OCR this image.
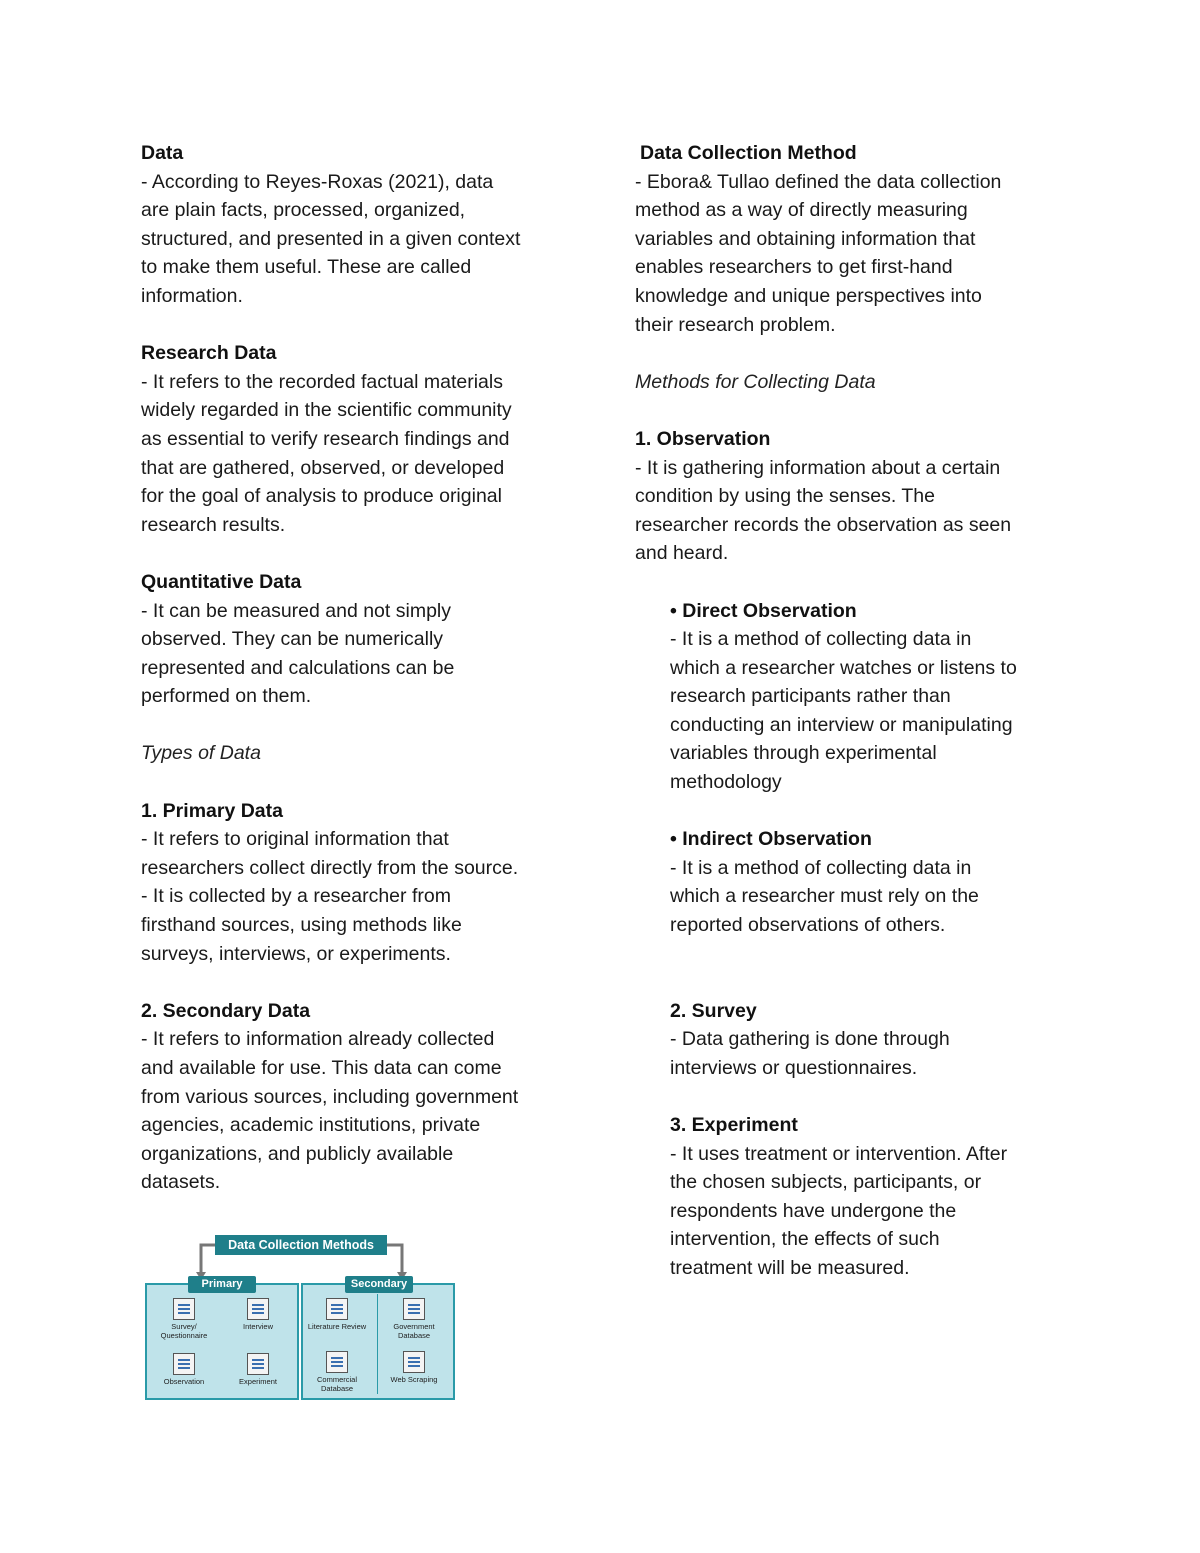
Data
- According to Reyes-Roxas (2021), data
are plain facts, processed, organized,
structured, and presented in a given context
to make them useful. These are called
information.
Research Data
- It refers to the recorded factual materials
widely regarded in the scientific community
as essential to verify research findings and
that are gathered, observed, or developed
for the goal of analysis to produce original
research results.
Quantitative Data
- It can be measured and not simply
observed. They can be numerically
represented and calculations can be
performed on them.
Types of Data
1. Primary Data
- It refers to original information that
researchers collect directly from the source.
- It is collected by a researcher from
firsthand sources, using methods like
surveys, interviews, or experiments.
2. Secondary Data
- It refers to information already collected
and available for use. This data can come
from various sources, including government
agencies, academic institutions, private
organizations, and publicly available
datasets.
Data Collection Methods
Primary	Secondary
Survey/ Questionnaire
Interview
Observation	Experiment
Literature Review	Government Database
Commercial Database
Web Scraping
Data Collection Method
- Ebora& Tullao defined the data collection
method as a way of directly measuring
variables and obtaining information that
enables researchers to get first-hand
knowledge and unique perspectives into
their research problem.
Methods for Collecting Data
1. Observation
- It is gathering information about a certain
condition by using the senses. The
researcher records the observation as seen
and heard.
• Direct Observation
- It is a method of collecting data in
which a researcher watches or listens to
research participants rather than
conducting an interview or manipulating
variables through experimental
methodology
• Indirect Observation
- It is a method of collecting data in
which a researcher must rely on the
reported observations of others.
2. Survey
- Data gathering is done through
interviews or questionnaires.
3. Experiment
- It uses treatment or intervention. After
the chosen subjects, participants, or
respondents have undergone the
intervention, the effects of such
treatment will be measured.
